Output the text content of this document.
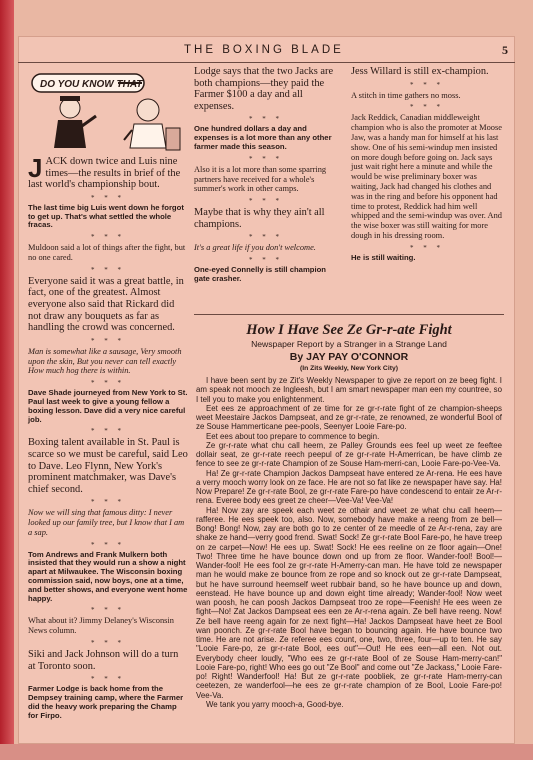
THE BOXING BLADE	5
DO YOU KNOW THAT

JACK down twice and Luis nine times—the results in brief of the last world's championship bout.

* * *

The last time big Luis went down he forgot to get up. That's what settled the whole fracas.

* * *

Muldoon said a lot of things after the fight, but no one cared.

* * *

Everyone said it was a great battle, in fact, one of the greatest. Almost everyone also said that Rickard did not draw any bouquets as far as handling the crowd was concerned.

* * *

Man is somewhat like a sausage, Very smooth upon the skin, But you never can tell exactly How much hog there is within.

* * *

Dave Shade journeyed from New York to St. Paul last week to give a young fellow a boxing lesson. Dave did a very nice careful job.

* * *

Boxing talent available in St. Paul is scarce so we must be careful, said Leo to Dave. Leo Flynn, New York's prominent matchmaker, was Dave's chief second.

* * *

Now we will sing that famous ditty: I never looked up our family tree, but I know that I am a sap.

* * *

Tom Andrews and Frank Mulkern both insisted that they would run a show a night apart at Milwaukee. The Wisconsin boxing commission said, now boys, one at a time, and better shows, and everyone went home happy.

* * *

What about it? Jimmy Delaney's Wisconsin News column.

* * *

Siki and Jack Johnson will do a turn at Toronto soon.

* * *

Farmer Lodge is back home from the Dempsey training camp, where the Farmer did the heavy work preparing the Champ for Firpo.

Lodge says that the two Jacks are both champions—they paid the Farmer $100 a day and all expenses.

* * *

One hundred dollars a day and expenses is a lot more than any other farmer made this season.

* * *

Also it is a lot more than some sparring partners have received for a whole's summer's work in other camps.

* * *

Maybe that is why they ain't all champions.

* * *

It's a great life if you don't welcome.

* * *

One-eyed Connelly is still champion gate crasher.

Jess Willard is still ex-champion.

* * *

A stitch in time gathers no moss.

* * *

Jack Reddick, Canadian middleweight champion who is also the promoter at Moose Jaw, was a handy man for himself at his last show. One of his semi-windup men insisted on more dough before going on. Jack says just wait right here a minute and while the would be wise preliminary boxer was waiting, Jack had changed his clothes and was in the ring and before his opponent had time to protest, Reddick had him well whipped and the semi-windup was over. And the wise boxer was still waiting for more dough in his dressing room.

* * *

He is still waiting.

How I Have See Ze Gr-r-ate Fight
Newspaper Report by a Stranger in a Strange Land
By JAY PAY O'CONNOR
(In Zits Weekly, New York City)

I have been sent by ze Zit's Weekly Newspaper to give ze report on ze beeg fight. I am speak not mooch ze Ingleesh, but I am smart newspaper man een my countree, so I tell you to make you enlightenment.

Eet ees ze approachment of ze time for ze gr-r-rate fight of ze champion-sheeps weet Meestaire Jackos Dampseat, and ze gr-r-rate, ze renowned, ze wonderful Bool of ze Souse Hammerticane pee-pools, Seenyer Looie Fare-po.

Eet ees about too prepare to commence to begin.

Ze gr-r-rate what chu call heem, ze Palley Grounds ees feel up weet ze feeftee dollair seat, ze gr-r-rate reech peepul of ze gr-r-rate H-Amerrican, be have climb ze fence to see ze gr-r-rate Champion of ze Souse Ham-merri-can, Looie Fare-po-Vee-Va.

Ha! Ze gr-r-rate Champion Jackos Dampseat have entered ze Ar-rena. He ees have a verry mooch worry look on ze face. He are not so fat like ze newspaper have say. Ha! Now Prepare! Ze gr-r-rate Bool, ze gr-r-rate Fare-po have condescend to entair ze Ar-r-rena. Everee body ees greet ze cheer—Vee-Va! Vee-Va!

Ha! Now zay are speek each weet ze othair and weet ze what chu call heem—rafferee. He ees speek too, also. Now, somebody have make a reeng from ze bell—Bong! Bong! Now, zay are both go to ze center of ze meedle of ze Ar-r-rena, zay are shake ze hand—verry good frend. Swat! Sock! Ze gr-r-rate Bool Fare-po, he have treep on ze carpet—Now! He ees up. Swat! Sock! He ees reeline on ze floor again—One! Two! Three time he have bounce down ond up from ze floor. Wander-fool! Bool!—Wander-fool! He ees fool ze gr-r-rate H-Amerry-can man. He have told ze newspaper man he would make ze bounce from ze rope and so knock out ze gr-r-rate Dampseat, but he have surround heemself weet rubbair band, so he have bounce up and down, eenstead. He have bounce up and down eight time already; Wander-fool! Now weet wan poosh, he can poosh Jackos Dampseat troo ze rope—Feenish! He ees ween ze fight—No! Zat Jackos Dampseat ees een ze Ar-r-rena again. Ze bell have reeng. Now! Ze bell have reeng again for ze next fight—Ha! Jackos Dampseat have heet ze Bool wan poonch. Ze gr-r-rate Bool have began to bouncing again. He have bounce two time. He are not arise. Ze referee ees count, one, two, three, four—up to ten. He say "Looie Fare-po, ze gr-r-rate Bool, ees out"—Out! He ees een—all een. Not out. Everybody cheer loudly, "Who ees ze gr-r-rate Bool of ze Souse Ham-merry-can!" Looie Fare-po, right! Who ees go out "Ze Bool" and come out "Ze Jackass," Looie Fare-po! Right! Wanderfool! Ha! But ze gr-r-rate poobliek, ze gr-r-rate Ham-merry-can ceetezen, ze wanderfool—he ees ze gr-r-rate champion of ze Bool, Looie Fare-po! Vee-Va.

We tank you yarry mooch-a, Good-bye.
